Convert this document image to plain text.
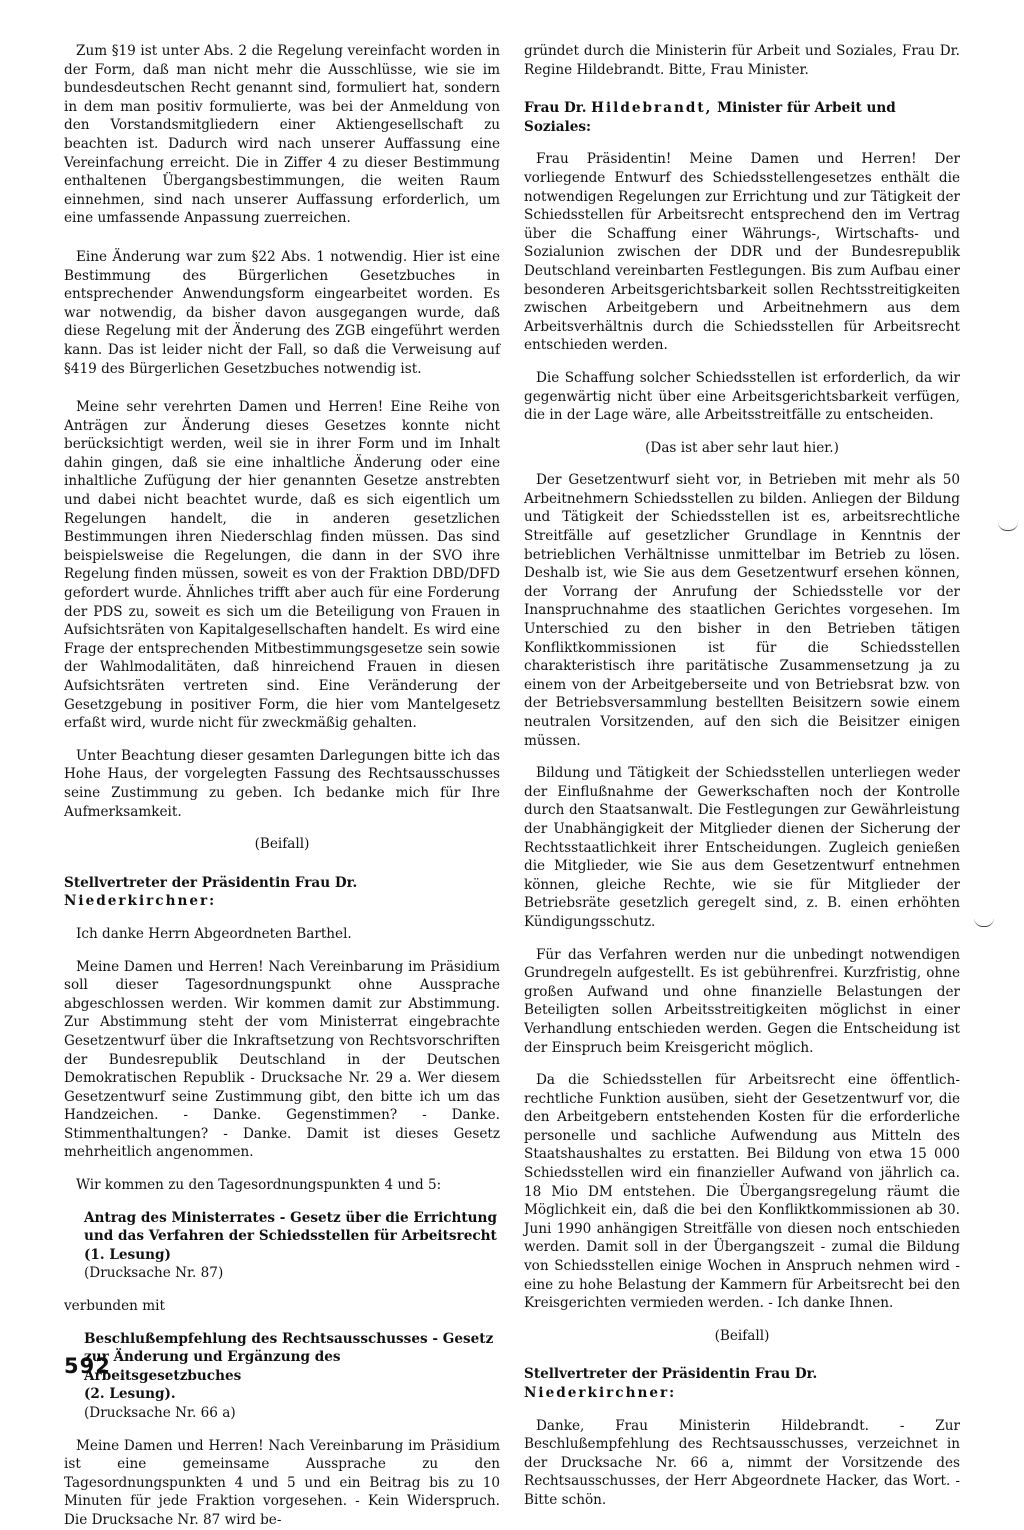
Zum §19 ist unter Abs. 2 die Regelung vereinfacht worden in der Form, daß man nicht mehr die Ausschlüsse, wie sie im bundesdeutschen Recht genannt sind, formuliert hat, sondern in dem man positiv formulierte, was bei der Anmeldung von den Vorstandsmitgliedern einer Aktiengesellschaft zu beachten ist. Dadurch wird nach unserer Auffassung eine Vereinfachung erreicht. Die in Ziffer 4 zu dieser Bestimmung enthaltenen Übergangsbestimmungen, die weiten Raum einnehmen, sind nach unserer Auffassung erforderlich, um eine umfassende Anpassung zuerreichen.

Eine Änderung war zum §22 Abs. 1 notwendig. Hier ist eine Bestimmung des Bürgerlichen Gesetzbuches in entsprechender Anwendungsform eingearbeitet worden. Es war notwendig, da bisher davon ausgegangen wurde, daß diese Regelung mit der Änderung des ZGB eingeführt werden kann. Das ist leider nicht der Fall, so daß die Verweisung auf §419 des Bürgerlichen Gesetzbuches notwendig ist.

Meine sehr verehrten Damen und Herren! Eine Reihe von Anträgen zur Änderung dieses Gesetzes konnte nicht berücksichtigt werden, weil sie in ihrer Form und im Inhalt dahin gingen, daß sie eine inhaltliche Änderung oder eine inhaltliche Zufügung der hier genannten Gesetze anstrebten und dabei nicht beachtet wurde, daß es sich eigentlich um Regelungen handelt, die in anderen gesetzlichen Bestimmungen ihren Niederschlag finden müssen. Das sind beispielsweise die Regelungen, die dann in der SVO ihre Regelung finden müssen, soweit es von der Fraktion DBD/DFD gefordert wurde. Ähnliches trifft aber auch für eine Forderung der PDS zu, soweit es sich um die Beteiligung von Frauen in Aufsichtsräten von Kapitalgesellschaften handelt. Es wird eine Frage der entsprechenden Mitbestimmungsgesetze sein sowie der Wahlmodalitäten, daß hinreichend Frauen in diesen Aufsichtsräten vertreten sind. Eine Veränderung der Gesetzgebung in positiver Form, die hier vom Mantelgesetz erfaßt wird, wurde nicht für zweckmäßig gehalten.

Unter Beachtung dieser gesamten Darlegungen bitte ich das Hohe Haus, der vorgelegten Fassung des Rechtsausschusses seine Zustimmung zu geben. Ich bedanke mich für Ihre Aufmerksamkeit.

(Beifall)

Stellvertreter der Präsidentin Frau Dr. Niederkirchner:

Ich danke Herrn Abgeordneten Barthel.

Meine Damen und Herren! Nach Vereinbarung im Präsidium soll dieser Tagesordnungspunkt ohne Aussprache abgeschlossen werden. Wir kommen damit zur Abstimmung. Zur Abstimmung steht der vom Ministerrat eingebrachte Gesetzentwurf über die Inkraftsetzung von Rechtsvorschriften der Bundesrepublik Deutschland in der Deutschen Demokratischen Republik - Drucksache Nr. 29 a. Wer diesem Gesetzentwurf seine Zustimmung gibt, den bitte ich um das Handzeichen. - Danke. Gegenstimmen? - Danke. Stimmenthaltungen? - Danke. Damit ist dieses Gesetz mehrheitlich angenommen.

Wir kommen zu den Tagesordnungspunkten 4 und 5:

Antrag des Ministerrates - Gesetz über die Errichtung und das Verfahren der Schiedsstellen für Arbeitsrecht

(1. Lesung)

(Drucksache Nr. 87)

verbunden mit

Beschlußempfehlung des Rechtsausschusses - Gesetz zur Änderung und Ergänzung des Arbeitsgesetzbuches

(2. Lesung).

(Drucksache Nr. 66 a)

Meine Damen und Herren! Nach Vereinbarung im Präsidium ist eine gemeinsame Aussprache zu den Tagesordnungspunkten 4 und 5 und ein Beitrag bis zu 10 Minuten für jede Fraktion vorgesehen. - Kein Widerspruch. Die Drucksache Nr. 87 wird be-

gründet durch die Ministerin für Arbeit und Soziales, Frau Dr. Regine Hildebrandt. Bitte, Frau Minister.

Frau Dr. Hildebrandt, Minister für Arbeit und Soziales:

Frau Präsidentin! Meine Damen und Herren! Der vorliegende Entwurf des Schiedsstellengesetzes enthält die notwendigen Regelungen zur Errichtung und zur Tätigkeit der Schiedsstellen für Arbeitsrecht entsprechend den im Vertrag über die Schaffung einer Währungs-, Wirtschafts- und Sozialunion zwischen der DDR und der Bundesrepublik Deutschland vereinbarten Festlegungen. Bis zum Aufbau einer besonderen Arbeitsgerichtsbarkeit sollen Rechtsstreitigkeiten zwischen Arbeitgebern und Arbeitnehmern aus dem Arbeitsverhältnis durch die Schiedsstellen für Arbeitsrecht entschieden werden.

Die Schaffung solcher Schiedsstellen ist erforderlich, da wir gegenwärtig nicht über eine Arbeitsgerichtsbarkeit verfügen, die in der Lage wäre, alle Arbeitsstreitfälle zu entscheiden.

(Das ist aber sehr laut hier.)

Der Gesetzentwurf sieht vor, in Betrieben mit mehr als 50 Arbeitnehmern Schiedsstellen zu bilden. Anliegen der Bildung und Tätigkeit der Schiedsstellen ist es, arbeitsrechtliche Streitfälle auf gesetzlicher Grundlage in Kenntnis der betrieblichen Verhältnisse unmittelbar im Betrieb zu lösen. Deshalb ist, wie Sie aus dem Gesetzentwurf ersehen können, der Vorrang der Anrufung der Schiedsstelle vor der Inanspruchnahme des staatlichen Gerichtes vorgesehen. Im Unterschied zu den bisher in den Betrieben tätigen Konfliktkommissionen ist für die Schiedsstellen charakteristisch ihre paritätische Zusammensetzung ja zu einem von der Arbeitgeberseite und von Betriebsrat bzw. von der Betriebsversammlung bestellten Beisitzern sowie einem neutralen Vorsitzenden, auf den sich die Beisitzer einigen müssen.

Bildung und Tätigkeit der Schiedsstellen unterliegen weder der Einflußnahme der Gewerkschaften noch der Kontrolle durch den Staatsanwalt. Die Festlegungen zur Gewährleistung der Unabhängigkeit der Mitglieder dienen der Sicherung der Rechtsstaatlichkeit ihrer Entscheidungen. Zugleich genießen die Mitglieder, wie Sie aus dem Gesetzentwurf entnehmen können, gleiche Rechte, wie sie für Mitglieder der Betriebsräte gesetzlich geregelt sind, z. B. einen erhöhten Kündigungsschutz.

Für das Verfahren werden nur die unbedingt notwendigen Grundregeln aufgestellt. Es ist gebührenfrei. Kurzfristig, ohne großen Aufwand und ohne finanzielle Belastungen der Beteiligten sollen Arbeitsstreitigkeiten möglichst in einer Verhandlung entschieden werden. Gegen die Entscheidung ist der Einspruch beim Kreisgericht möglich.

Da die Schiedsstellen für Arbeitsrecht eine öffentlich-rechtliche Funktion ausüben, sieht der Gesetzentwurf vor, die den Arbeitgebern entstehenden Kosten für die erforderliche personelle und sachliche Aufwendung aus Mitteln des Staatshaushaltes zu erstatten. Bei Bildung von etwa 15 000 Schiedsstellen wird ein finanzieller Aufwand von jährlich ca. 18 Mio DM entstehen. Die Übergangsregelung räumt die Möglichkeit ein, daß die bei den Konfliktkommissionen ab 30. Juni 1990 anhängigen Streitfälle von diesen noch entschieden werden. Damit soll in der Übergangszeit - zumal die Bildung von Schiedsstellen einige Wochen in Anspruch nehmen wird - eine zu hohe Belastung der Kammern für Arbeitsrecht bei den Kreisgerichten vermieden werden. - Ich danke Ihnen.

(Beifall)

Stellvertreter der Präsidentin Frau Dr. Niederkirchner:

Danke, Frau Ministerin Hildebrandt. - Zur Beschlußempfehlung des Rechtsausschusses, verzeichnet in der Drucksache Nr. 66 a, nimmt der Vorsitzende des Rechtsausschusses, der Herr Abgeordnete Hacker, das Wort. - Bitte schön.

592
